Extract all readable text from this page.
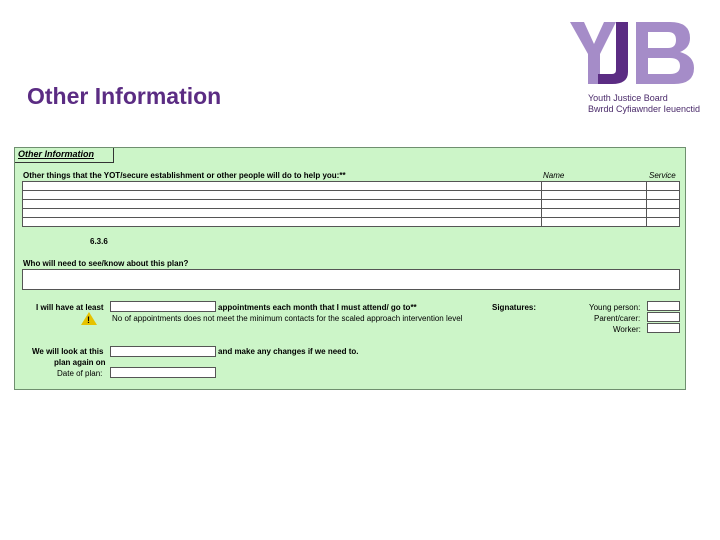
Other Information	Youth Justice Board
Bwrdd Cyfiawnder Ieuenctid
Other Information
Other things that the YOT/secure establishment or other people will do to help you:**	Name	Service

6.3.6
Who will need to see/know about this plan?
I will have at least	appointments each month that I must attend/ go to**	Signatures:
!	No of appointments does not meet the minimum contacts for the scaled approach intervention level
Young person:
Parent/carer:
Worker:
We will look at this
plan again on
and make any changes if we need to.
Date of plan:
